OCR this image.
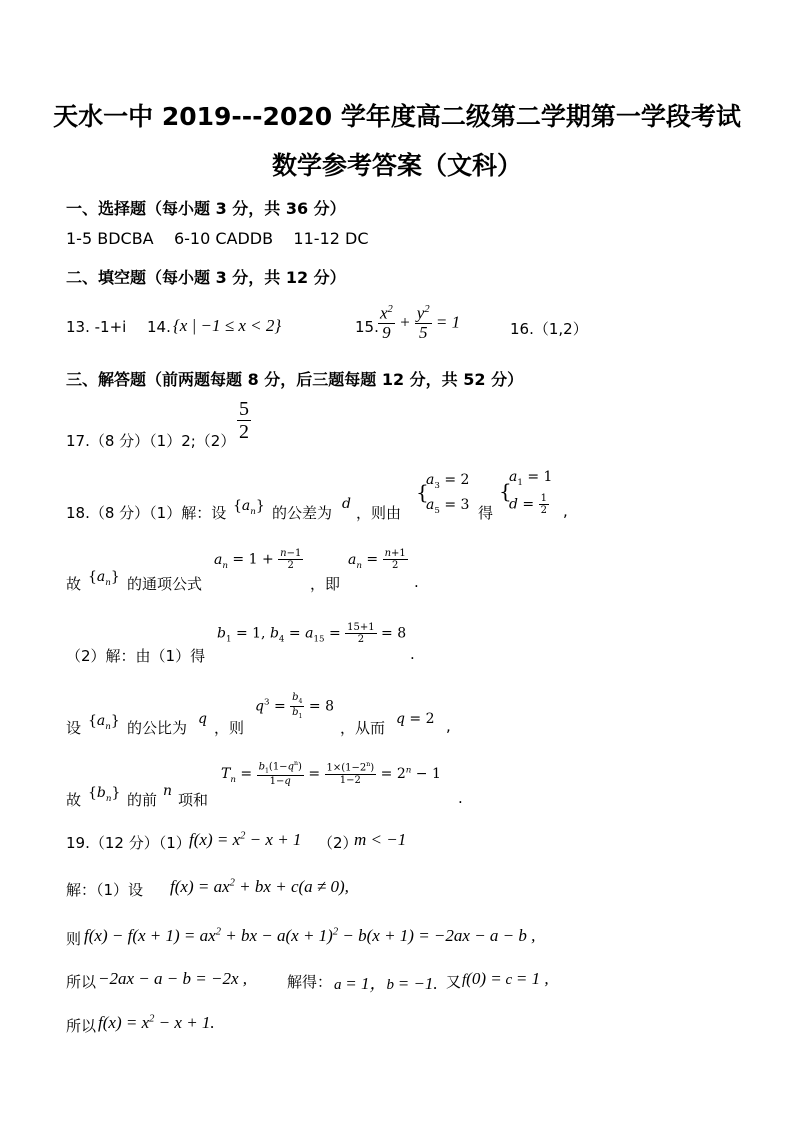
天水一中 2019---2020 学年度高二级第二学期第一学段考试
数学参考答案（文科）
一、选择题（每小题 3 分，共 36 分）
1-5 BDCBA    6-10 CADDB    11-12 DC
二、填空题（每小题 3 分，共 12 分）
13. -1+i 14. {x | −1 ≤ x < 2}	15. $\frac{x^2}{9} + \frac{y^2}{5} = 1$	16.（1,2）
三、解答题（前两题每题 8 分，后三题每题 12 分，共 52 分）
17.（8 分）（1）2;（2） $\frac{5}{2}$
18.（8 分）（1）解：设 $\{a_n\}$ 的公差为 d ，则由
{
$a_3 = 2$
$a_5 = 3$ 得
{
$a_1 = 1$
$d = \frac{1}{2}$ ,
故 $\{a_n\}$ 的通项公式
$a_n = 1 + \frac{n-1}{2}$
，即
$a_n = \frac{n+1}{2}$
.
（2）解：由（1）得
$b_1 = 1$, $b_4 = a_{15} = \frac{15+1}{2} = 8$
.
设 $\{a_n\}$ 的公比为 q ，则
$q^3 = \frac{b_4}{b_1} = 8$
，从而 q = 2 ,
故 $\{b_n\}$ 的前 n 项和
$T_n = \frac{b_1(1-q^n)}{1-q} = \frac{1\times(1-2^n)}{1-2} = 2^n - 1$
.
19.（12 分）（1）
$f(x) = x^2 - x + 1$ （2）
m < −1
解：（1）设 $f(x) = ax^2$ + bx + c(a ≠ 0),
则 $f(x) - f(x + 1) = ax^2$ + bx − $a(x + 1)^2 - b(x + 1) = -2ax - a - b$ ,
所以 −2ax − a − b = −2x ,	解得： a = 1，b = −1. 又 f(0) = c = 1 ,
所以 $f(x) = x^2 - x + 1$.
